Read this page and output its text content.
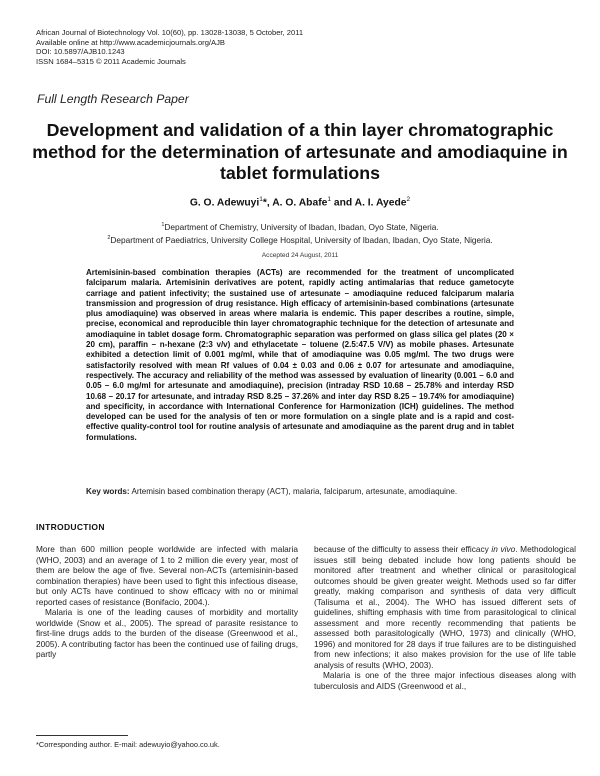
African Journal of Biotechnology Vol. 10(60), pp. 13028-13038, 5 October, 2011
Available online at http://www.academicjournals.org/AJB
DOI: 10.5897/AJB10.1243
ISSN 1684–5315 © 2011 Academic Journals
Full Length Research Paper
Development and validation of a thin layer chromatographic method for the determination of artesunate and amodiaquine in tablet formulations
G. O. Adewuyi$^1$*, A. O. Abafe$^1$ and A. I. Ayede$^2$
$^1$Department of Chemistry, University of Ibadan, Ibadan, Oyo State, Nigeria.
$^2$Department of Paediatrics, University College Hospital, University of Ibadan, Ibadan, Oyo State, Nigeria.
Accepted 24 August, 2011
Artemisinin-based combination therapies (ACTs) are recommended for the treatment of uncomplicated falciparum malaria. Artemisinin derivatives are potent, rapidly acting antimalarias that reduce gametocyte carriage and patient infectivity; the sustained use of artesunate – amodiaquine reduced falciparum malaria transmission and progression of drug resistance. High efficacy of artemisinin-based combinations (artesunate plus amodiaquine) was observed in areas where malaria is endemic. This paper describes a routine, simple, precise, economical and reproducible thin layer chromatographic technique for the detection of artesunate and amodiaquine in tablet dosage form. Chromatographic separation was performed on glass silica gel plates (20 × 20 cm), paraffin – n-hexane (2:3 v/v) and ethylacetate – toluene (2.5:47.5 V/V) as mobile phases. Artesunate exhibited a detection limit of 0.001 mg/ml, while that of amodiaquine was 0.05 mg/ml. The two drugs were satisfactorily resolved with mean Rf values of 0.04 ± 0.03 and 0.06 ± 0.07 for artesunate and amodiaquine, respectively. The accuracy and reliability of the method was assessed by evaluation of linearity (0.001 – 6.0 and 0.05 – 6.0 mg/ml for artesunate and amodiaquine), precision (intraday RSD 10.68 – 25.78% and interday RSD 10.68 – 20.17 for artesunate, and intraday RSD 8.25 – 37.26% and inter day RSD 8.25 – 19.74% for amodiaquine) and specificity, in accordance with International Conference for Harmonization (ICH) guidelines. The method developed can be used for the analysis of ten or more formulation on a single plate and is a rapid and cost-effective quality-control tool for routine analysis of artesunate and amodiaquine as the parent drug and in tablet formulations.
Key words: Artemisin based combination therapy (ACT), malaria, falciparum, artesunate, amodiaquine.
INTRODUCTION

More than 600 million people worldwide are infected with malaria (WHO, 2003) and an average of 1 to 2 million die every year, most of them are below the age of five. Several non-ACTs (artemisinin-based combination therapies) have been used to fight this infectious disease, but only ACTs have continued to show efficacy with no or minimal reported cases of resistance (Bonifacio, 2004.).

Malaria is one of the leading causes of morbidity and mortality worldwide (Snow et al., 2005). The spread of parasite resistance to first-line drugs adds to the burden of the disease (Greenwood et al., 2005). A contributing factor has been the continued use of failing drugs, partly

because of the difficulty to assess their efficacy in vivo. Methodological issues still being debated include how long patients should be monitored after treatment and whether clinical or parasitological outcomes should be given greater weight. Methods used so far differ greatly, making comparison and synthesis of data very difficult (Talisuma et al., 2004). The WHO has issued different sets of guidelines, shifting emphasis with time from parasitological to clinical assessment and more recently recommending that patients be assessed both parasitologically (WHO, 1973) and clinically (WHO, 1996) and monitored for 28 days if true failures are to be distinguished from new infections; it also makes provision for the use of life table analysis of results (WHO, 2003).

Malaria is one of the three major infectious diseases along with tuberculosis and AIDS (Greenwood et al.,

*Corresponding author. E-mail: adewuyio@yahoo.co.uk.
